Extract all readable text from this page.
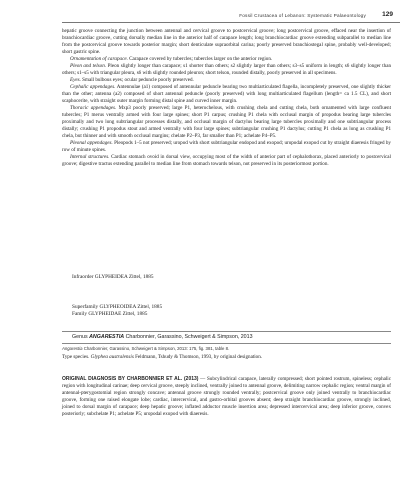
Fossil Crustacea of Lebanon: Systematic Palaeontology 129

hepatic groove connecting the junction between antennal and cervical groove to postcervical groove; long postcervical groove, effaced near the insertion of branchiocardiac groove, cutting dorsally median line in the anterior half of carapace length; long branchiocardiac groove extending subparallel to median line from the postcervical groove towards posterior margin; short denticulate supraorbital carina; poorly preserved branchiostegal spine, probably well-developed; short gastric spine.

Ornamentation of carapace. Carapace covered by tubercles; tubercles larger on the anterior region.

Pleon and telson. Pleon slightly longer than carapace; s1 shorter than others; s2 slightly larger than others; s3–s5 uniform in length; s6 slightly longer than others; s1–s5 with triangular pleura, s6 with slightly rounded pleuron; short telson, rounded distally, poorly preserved in all specimens.

Eyes. Small bulbous eyes; ocular peduncle poorly preserved.

Cephalic appendages. Antennulae (a1) composed of antennular peduncle bearing two multiarticulated flagella, incompletely preserved, one slightly thicker than the other; antenna (a2) composed of short antennal peduncle (poorly preserved) with long multiarticulated flagellum (length= ca 1.5 CL), and short scaphocerite, with straight outer margin forming distal spine and curved inner margin.

Thoracic appendages. Mxp3 poorly preserved; large P1, heterochelous, with crushing chela and cutting chela, both ornamented with large confluent tubercles; P1 merus ventrally armed with four large spines; short P1 carpus; crushing P1 chela with occlusal margin of propodus bearing large tubercles proximally and two long subtriangular processes distally, and occlusal margin of dactylus bearing large tubercles proximally and one subtriangular process distally; crushing P1 propodus stout and armed ventrally with four large spines; subtriangular crushing P1 dactylus; cutting P1 chela as long as crushing P1 chela, but thinner and with smooth occlusal margins; chelate P2–P3, far smaller than P1; achelate P4–P5.

Pleonal appendages. Pleopods 1–5 not preserved; uropod with short subtriangular endopod and exopod; uropodal exopod cut by straight diaeresis fringed by row of minute spines.

Internal structures. Cardiac stomach ovoid in dorsal view, occupying most of the width of anterior part of cephalothorax, placed anteriorly to postcervical groove; digestive tractus extending parallel to median line from stomach towards telson, not preserved in its posteriormost portion.

Infraorder GLYPHEIDEA Zittel, 1885

Superfamily GLYPHEOIDEA Zittel, 1885

Family GLYPHEIDAE Zittel, 1885

Genus ANGARESTIA Charbonnier, Garassino, Schweigert & Simpson, 2013

Angarestia Charbonnier, Garassino, Schweigert & Simpson, 2013: 175, fig. 381, table 8.

Type species. Glyphea australensis Feldmann, Tshudy & Thomson, 1993, by original designation.

ORIGINAL DIAGNOSIS BY CHARBONNIER ET AL. (2013) — Subcylindrical carapace, laterally compressed; short pointed rostrum, spineless; cephalic region with longitudinal carinae; deep cervical groove, steeply inclined, ventrally joined to antennal groove, delimiting narrow cephalic region; ventral margin of antennal-pterygostomial region strongly concave; antennal groove strongly rounded ventrally; postcervical groove only joined ventrally to branchiocardiac groove, forming one raised elongate lobe; cardiac, intercervical, and gastro-orbital grooves absent; deep straight branchiocardiac groove, strongly inclined, joined to dorsal margin of carapace; deep hepatic groove; inflated adductor muscle insertion area; depressed intercervical area; deep inferior groove, convex posteriorly; subchelate P1; achelate P5; uropodal exopod with diaeresis.
